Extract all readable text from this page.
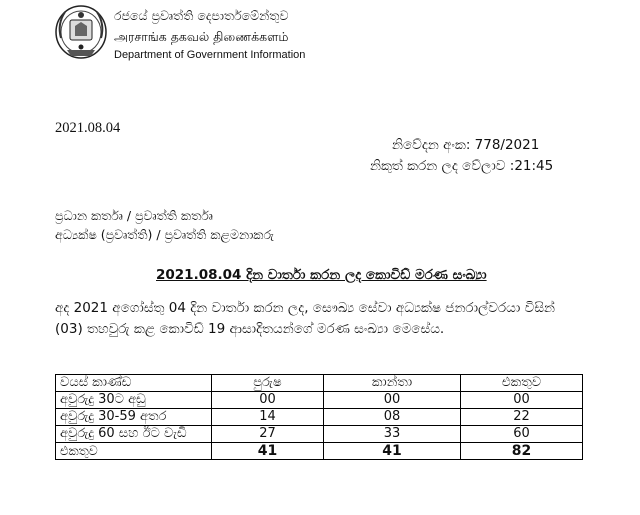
රජයේ ප්‍රවෘත්ති දෙපාර්තමේන්තුව
அரசாங்க தகவல் திணைக்களம்
Department of Government Information
2021.08.04
නිවේදන අංක: 778/2021
නිකුත් කරන ලද වේලාව :21:45
ප්‍රධාන කර්තෘ / ප්‍රවෘත්ති කර්තෘ
අධ්‍යක්ෂ (ප්‍රවෘත්ති) / ප්‍රවෘත්ති කළමනාකරු
2021.08.04 දින වාර්තා කරන ලද කොවිඩ් මරණ සංඛ්‍යා
අද 2021 අගෝස්තු 04 දින වාර්තා කරන ලද, සෞඛ්‍ය සේවා අධ්‍යක්ෂ ජනරාල්වරයා විසින්
(03) තහවුරු කළ කොවිඩ් 19 ආසාදිතයන්ගේ මරණ සංඛ්‍යා මෙසේය.
වයස් කාණ්ඩ	පුරුෂ	කාන්තා	එකතුව
අවුරුදු 30ට අඩු	00	00	00
අවුරුදු 30-59 අතර	14	08	22
අවුරුදු 60 සහ ඊට වැඩි	27	33	60
එකතුව	41	41	82
